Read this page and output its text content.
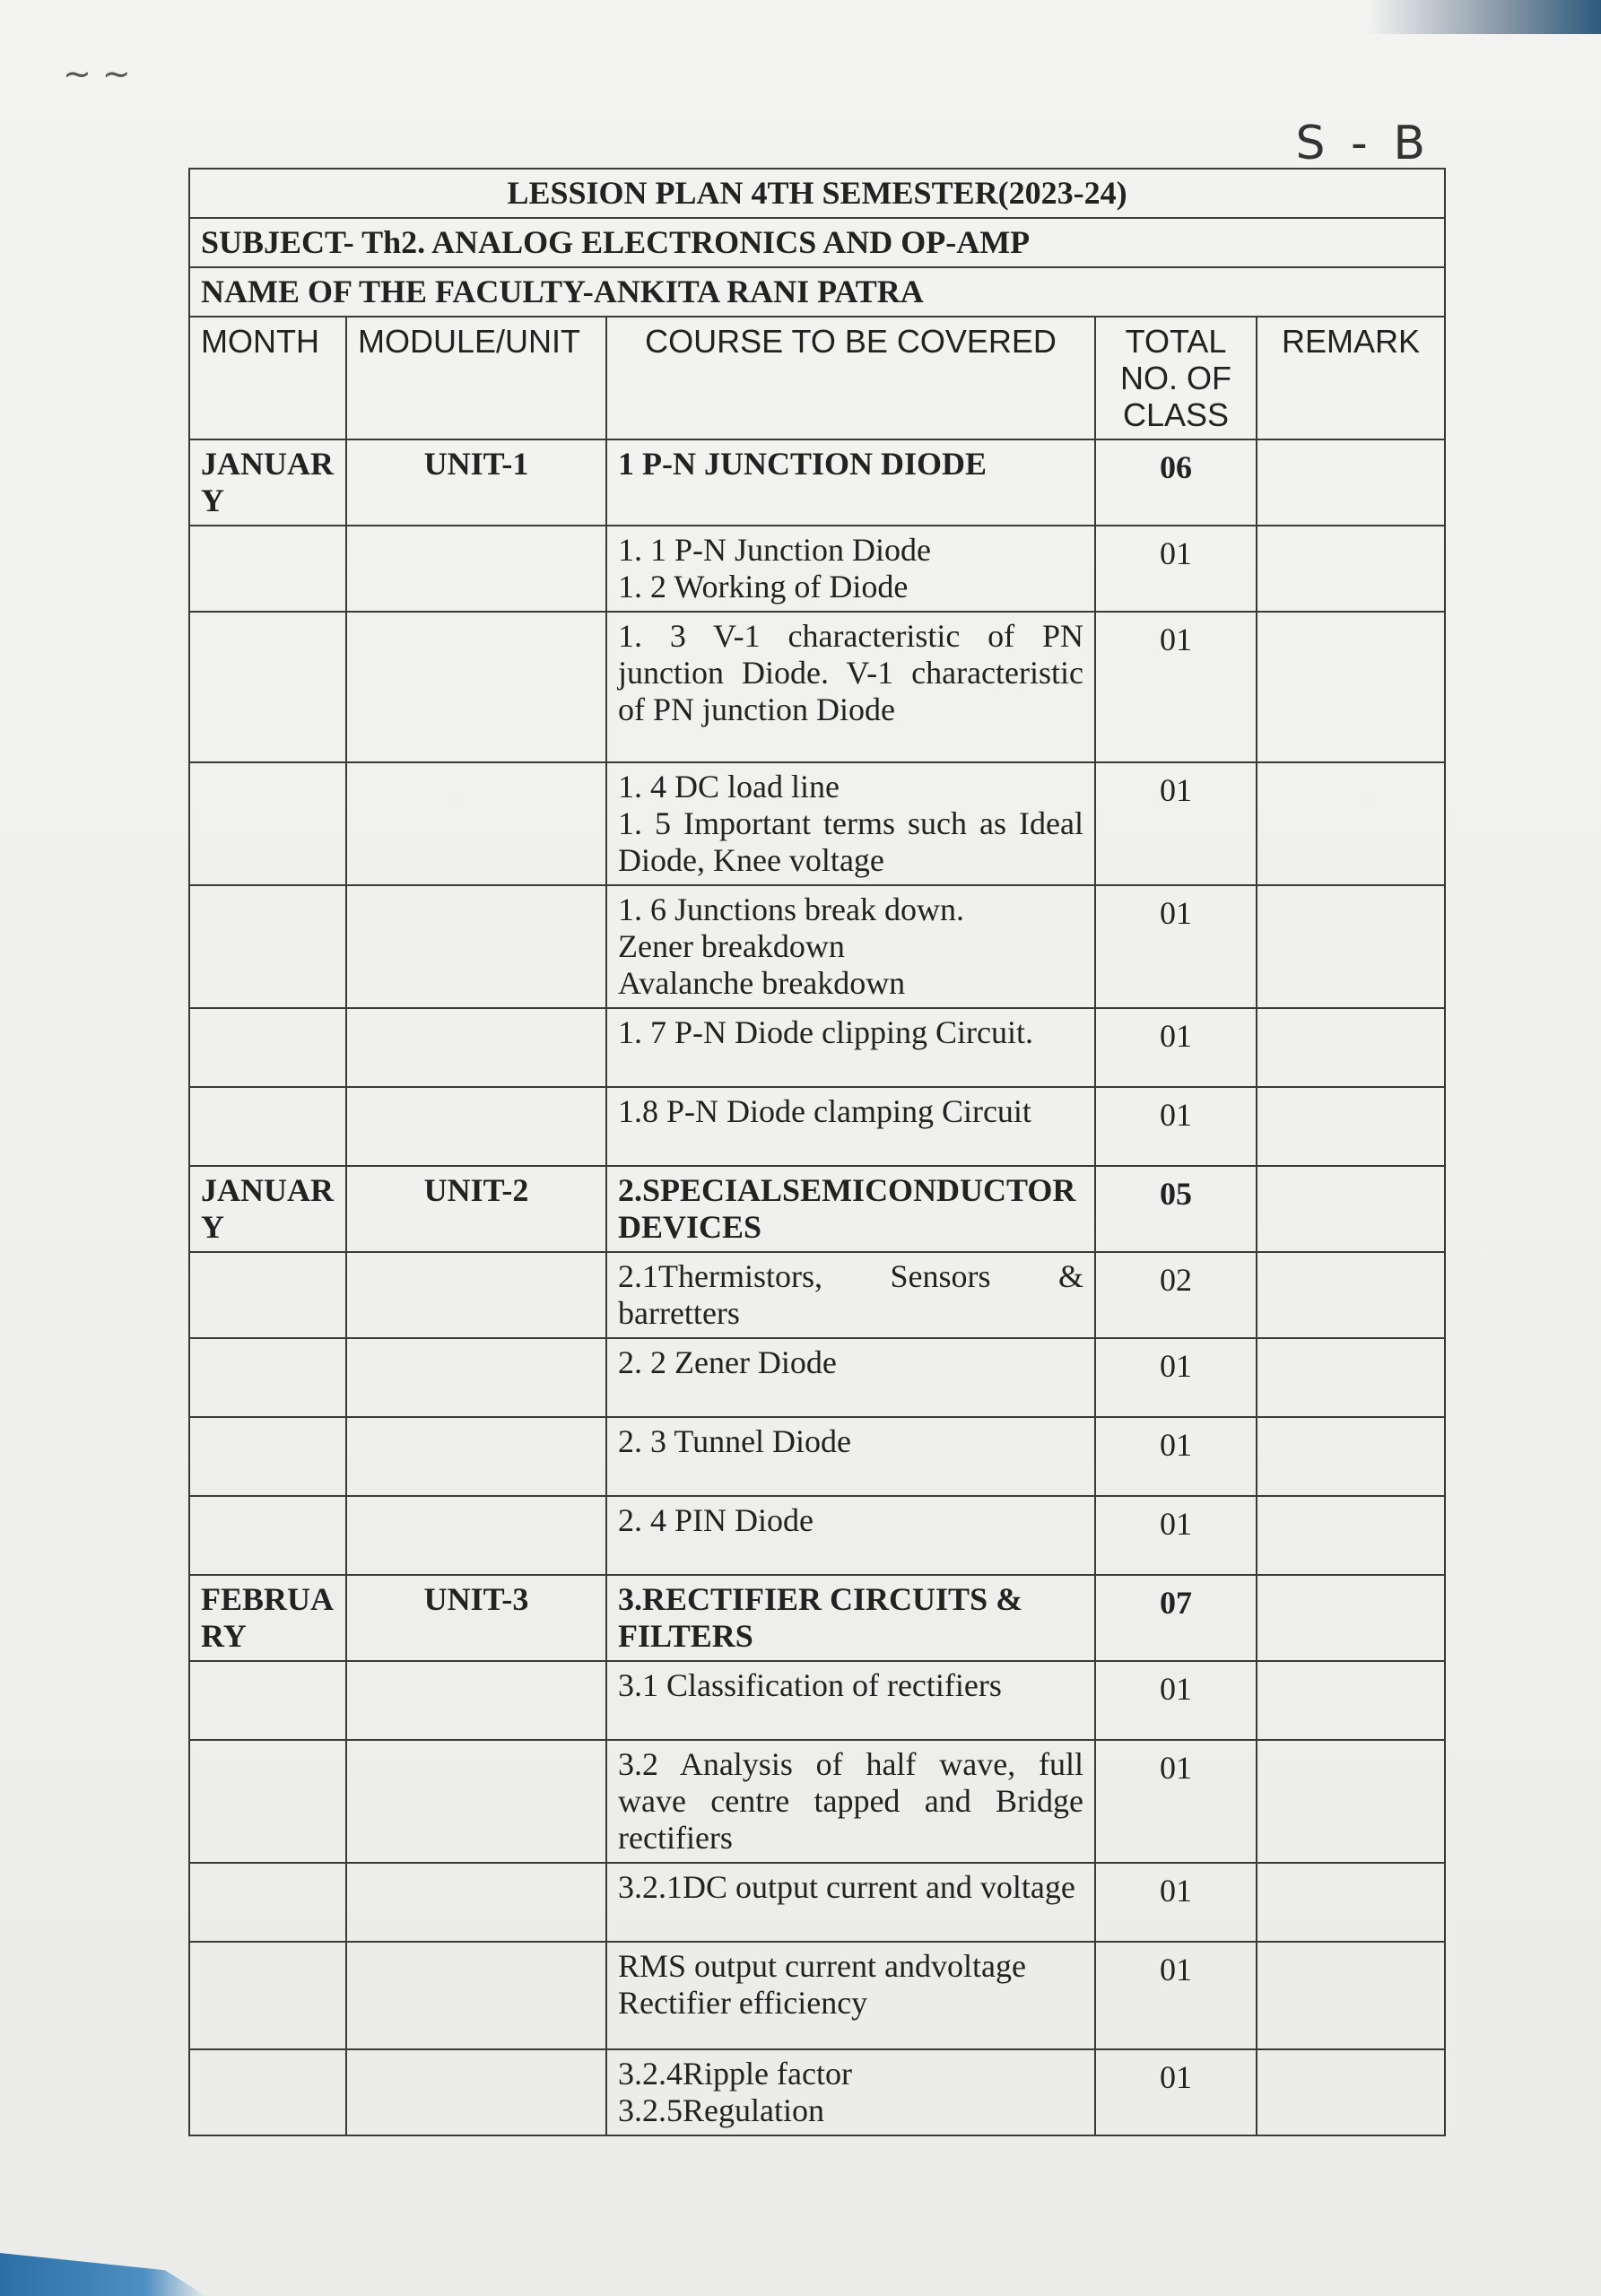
~ ~
S - B
LESSION PLAN 4TH SEMESTER(2023-24)				
SUBJECT- Th2. ANALOG ELECTRONICS AND OP-AMP				
NAME OF THE FACULTY-ANKITA RANI PATRA				
MONTH	MODULE/UNIT	COURSE TO BE COVERED	TOTAL NO. OF CLASS	REMARK
JANUARY	UNIT-1	1 P-N JUNCTION DIODE	06	

		1. 1 P-N Junction Diode
1. 2 Working of Diode	01	

		1. 3 V-1 characteristic of PN junction Diode. V-1 characteristic of PN junction Diode	01	

		1. 4 DC load line
1. 5 Important terms such as Ideal Diode, Knee voltage	01	

		1. 6 Junctions break down.
Zener breakdown
Avalanche breakdown	01	

		1. 7 P-N Diode clipping Circuit.	01	

		1.8 P-N Diode clamping Circuit	01	
JANUARY	UNIT-2	2.SPECIALSEMICONDUCTOR DEVICES	05	

		2.1Thermistors, Sensors & barretters	02	

		2. 2 Zener Diode	01	

		2. 3 Tunnel Diode	01	

		2. 4 PIN Diode	01	
FEBRUARY	UNIT-3	3.RECTIFIER CIRCUITS & FILTERS	07	

		3.1 Classification of rectifiers	01	

		3.2 Analysis of half wave, full wave centre tapped and Bridge rectifiers	01	

		3.2.1DC output current and voltage	01	

		RMS output current andvoltage
Rectifier efficiency	01	

		3.2.4Ripple factor
3.2.5Regulation	01	
